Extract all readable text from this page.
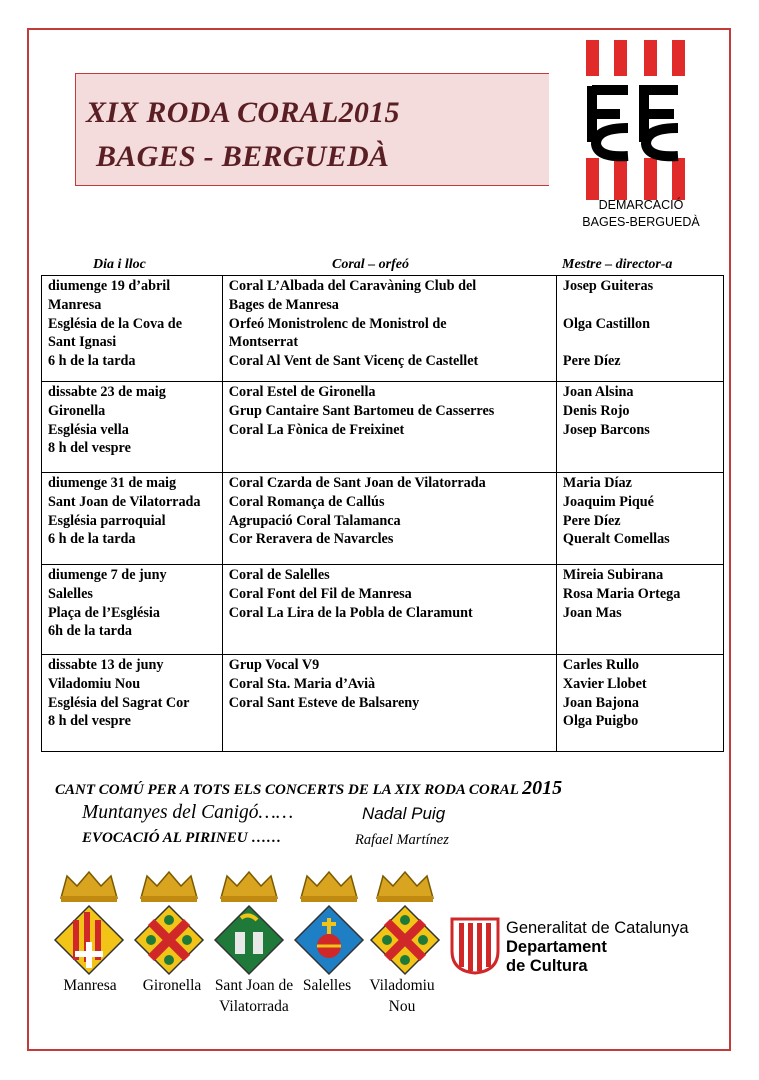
XIX RODA CORAL2015
BAGES - BERGUEDÀ
DEMARCACIÓ
BAGES-BERGUEDÀ
Dia i lloc	Coral – orfeó	Mestre – director-a
diumenge 19 d’abril
Manresa
Església de la Cova de
Sant Ignasi
6 h de la tarda	Coral L’Albada del Caravàning Club del
Bages de Manresa
Orfeó Monistrolenc de Monistrol de
Montserrat
Coral Al Vent de Sant Vicenç de Castellet	Josep Guiteras

Olga Castillon

Pere Díez

dissabte 23 de maig
Gironella
Església vella
8 h del vespre	Coral Estel de Gironella
Grup Cantaire Sant Bartomeu de Casserres
Coral La Fònica de Freixinet	Joan Alsina
Denis Rojo
Josep Barcons

diumenge 31 de maig
Sant Joan de Vilatorrada
Església parroquial
6 h de la tarda	Coral Czarda de Sant Joan de Vilatorrada
Coral Romança de Callús
Agrupació Coral Talamanca
Cor Reravera de Navarcles	Maria Díaz
Joaquim Piqué
Pere Díez
Queralt Comellas

diumenge 7 de juny
Salelles
Plaça de l’Església
6h de la tarda	Coral de Salelles
Coral Font del Fil de Manresa
Coral La Lira de la Pobla de Claramunt	Mireia Subirana
Rosa Maria Ortega
Joan Mas

dissabte 13 de juny
Viladomiu Nou
Església del Sagrat Cor
8 h del vespre	Grup Vocal V9
Coral Sta. Maria d’Avià
Coral Sant Esteve de Balsareny	Carles Rullo
Xavier Llobet
Joan Bajona
Olga Puigbo
CANT COMÚ PER A TOTS ELS CONCERTS DE LA XIX RODA CORAL 2015
Muntanyes del Canigó……	Nadal Puig
EVOCACIÓ AL PIRINEU ……	Rafael Martínez
Manresa	Gironella Sant Joan de Vilatorrada
Salelles	Viladomiu Nou
Generalitat de Catalunya
Departament
de Cultura
